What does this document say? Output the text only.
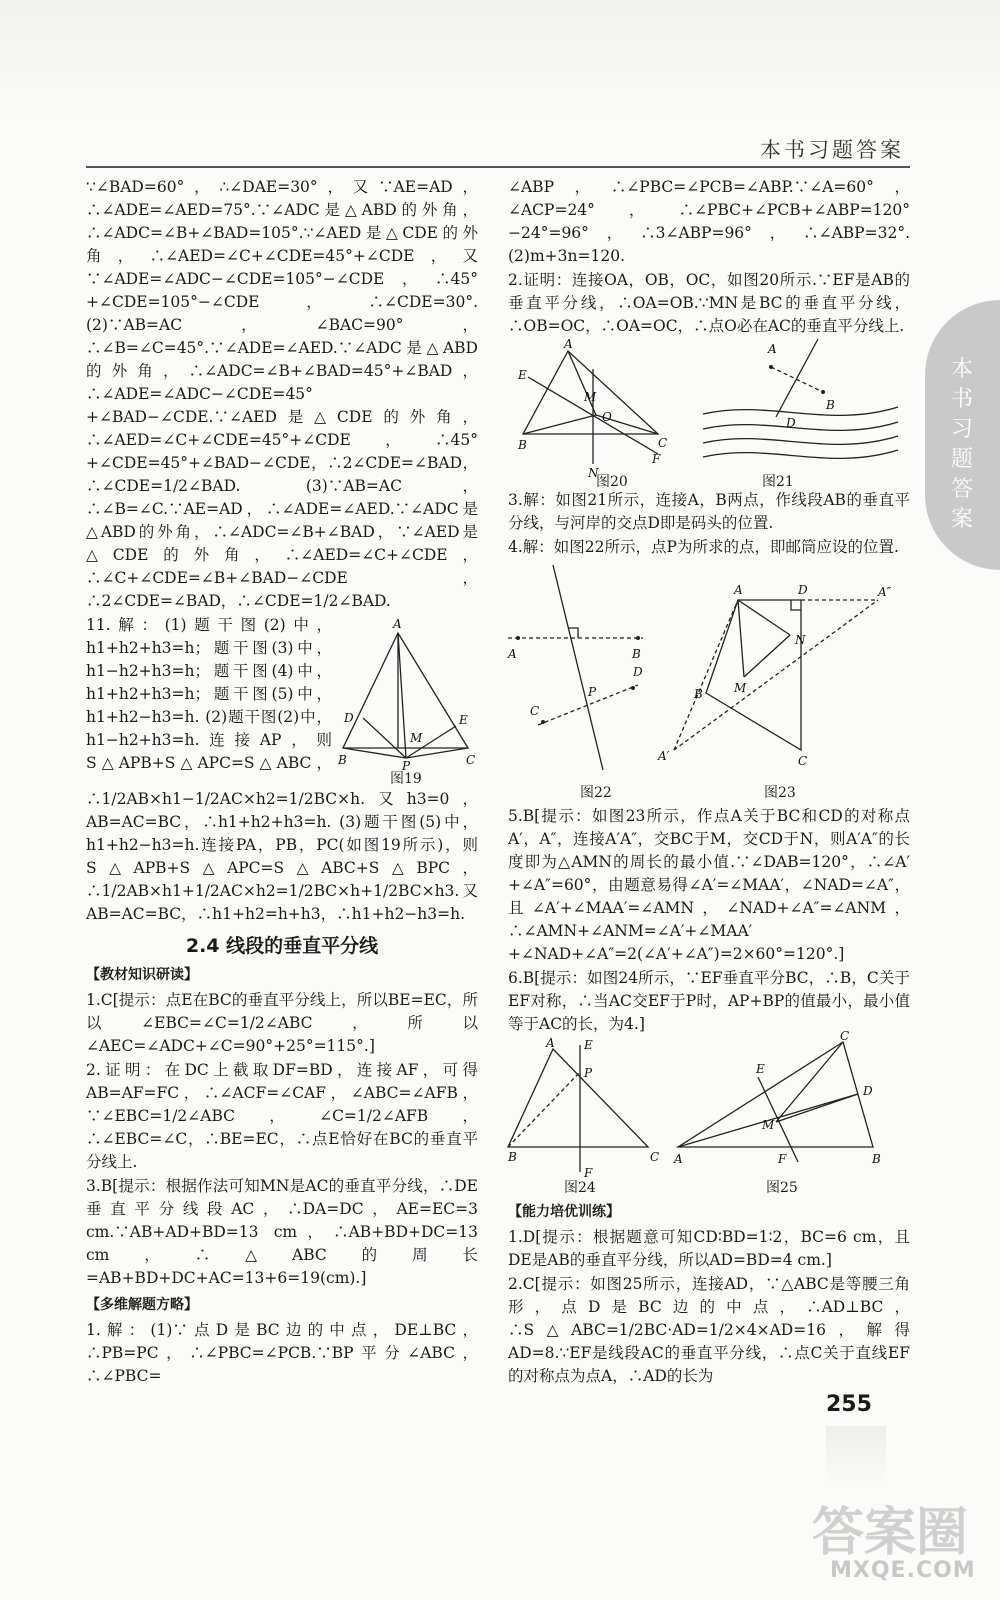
本书习题答案
本书习题答案

∵∠BAD=60°，∴∠DAE=30°，又∵AE=AD，∴∠ADE=∠AED=75°.∵∠ADC是△ABD的外角，∴∠ADC=∠B+∠BAD=105°.∵∠AED是△CDE的外角，∴∠AED=∠C+∠CDE=45°+∠CDE，又∵∠ADE=∠ADC−∠CDE=105°−∠CDE，∴45°+∠CDE=105°−∠CDE，∴∠CDE=30°. (2)∵AB=AC，∠BAC=90°，∴∠B=∠C=45°.∵∠ADE=∠AED.∵∠ADC是△ABD的外角，∴∠ADC=∠B+∠BAD=45°+∠BAD，∴∠ADE=∠ADC−∠CDE=45°+∠BAD−∠CDE.∵∠AED是△CDE的外角，∴∠AED=∠C+∠CDE=45°+∠CDE，∴45°+∠CDE=45°+∠BAD−∠CDE，∴2∠CDE=∠BAD，∴∠CDE=1/2∠BAD. (3)∵AB=AC，∴∠B=∠C.∵AE=AD，∴∠ADE=∠AED.∵∠ADC是△ABD的外角，∴∠ADC=∠B+∠BAD，∵∠AED是△CDE的外角，∴∠AED=∠C+∠CDE，∴∠C+∠CDE=∠B+∠BAD−∠CDE，∴2∠CDE=∠BAD，∴∠CDE=1/2∠BAD.

A
D	E
B	P	C
M
图19

11.解：(1)题干图(2)中，h1+h2+h3=h；题干图(3)中，h1−h2+h3=h；题干图(4)中，h1+h2+h3=h；题干图(5)中，h1+h2−h3=h. (2)题干图(2)中，h1−h2+h3=h.连接AP，则S△APB+S△APC=S△ABC，∴1/2AB×h1−1/2AC×h2=1/2BC×h.又h3=0，AB=AC=BC，∴h1+h2+h3=h. (3)题干图(5)中，h1+h2−h3=h.连接PA，PB，PC(如图19所示)，则S△APB+S△APC=S△ABC+S△BPC，∴1/2AB×h1+1/2AC×h2=1/2BC×h+1/2BC×h3.又AB=AC=BC，∴h1+h2=h+h3，∴h1+h2−h3=h.

2.4 线段的垂直平分线
【教材知识研读】

1.C[提示：点E在BC的垂直平分线上，所以BE=EC，所以∠EBC=∠C=1/2∠ABC，所以∠AEC=∠ADC+∠C=90°+25°=115°.]

2.证明：在DC上截取DF=BD，连接AF，可得AB=AF=FC，∴∠ACF=∠CAF，∠ABC=∠AFB，∵∠EBC=1/2∠ABC，∠C=1/2∠AFB，∴∠EBC=∠C，∴BE=EC，∴点E恰好在BC的垂直平分线上.

3.B[提示：根据作法可知MN是AC的垂直平分线，∴DE垂直平分线段AC，∴DA=DC，AE=EC=3 cm.∵AB+AD+BD=13 cm，∴AB+BD+DC=13 cm，∴△ABC的周长=AB+BD+DC+AC=13+6=19(cm).]

【多维解题方略】

1.解：(1)∵点D是BC边的中点，DE⊥BC，∴PB=PC，∴∠PBC=∠PCB.∵BP平分∠ABC，∴∠PBC=

∠ABP，∴∠PBC=∠PCB=∠ABP.∵∠A=60°，∠ACP=24°，∴∠PBC+∠PCB+∠ABP=120°−24°=96°，∴3∠ABP=96°，∴∠ABP=32°. (2)m+3n=120.

2.证明：连接OA，OB，OC，如图20所示.∵EF是AB的垂直平分线，∴OA=OB.∵MN是BC的垂直平分线，∴OB=OC，∴OA=OC，∴点O必在AC的垂直平分线上.

A
E
M
O
B	C
F
N
A
B
D
图20	图21

3.解：如图21所示，连接A，B两点，作线段AB的垂直平分线，与河岸的交点D即是码头的位置.

4.解：如图22所示，点P为所求的点，即邮筒应设的位置.

A	B
P
D
C
A	D	A″
B
N
M
A′	C
图22	图23

5.B[提示：如图23所示，作点A关于BC和CD的对称点A′，A″，连接A′A″，交BC于M，交CD于N，则A′A″的长度即为△AMN的周长的最小值.∵∠DAB=120°，∴∠A′+∠A″=60°，由题意易得∠A′=∠MAA′，∠NAD=∠A″，且∠A′+∠MAA′=∠AMN，∠NAD+∠A″=∠ANM，∴∠AMN+∠ANM=∠A′+∠MAA′+∠NAD+∠A″=2(∠A′+∠A″)=2×60°=120°.]

6.B[提示：如图24所示，∵EF垂直平分BC，∴B，C关于EF对称，∴当AC交EF于P时，AP+BP的值最小，最小值等于AC的长，为4.]

A E
P
B
F
C
C
E
D
M
A	F	B
图24	图25
【能力培优训练】

1.D[提示：根据题意可知CD∶BD=1∶2，BC=6 cm，且DE是AB的垂直平分线，所以AD=BD=4 cm.]

2.C[提示：如图25所示，连接AD，∵△ABC是等腰三角形，点D是BC边的中点，∴AD⊥BC，∴S△ABC=1/2BC·AD=1/2×4×AD=16，解得AD=8.∵EF是线段AC的垂直平分线，∴点C关于直线EF的对称点为点A，∴AD的长为

255
答案圈
MXQE.COM
